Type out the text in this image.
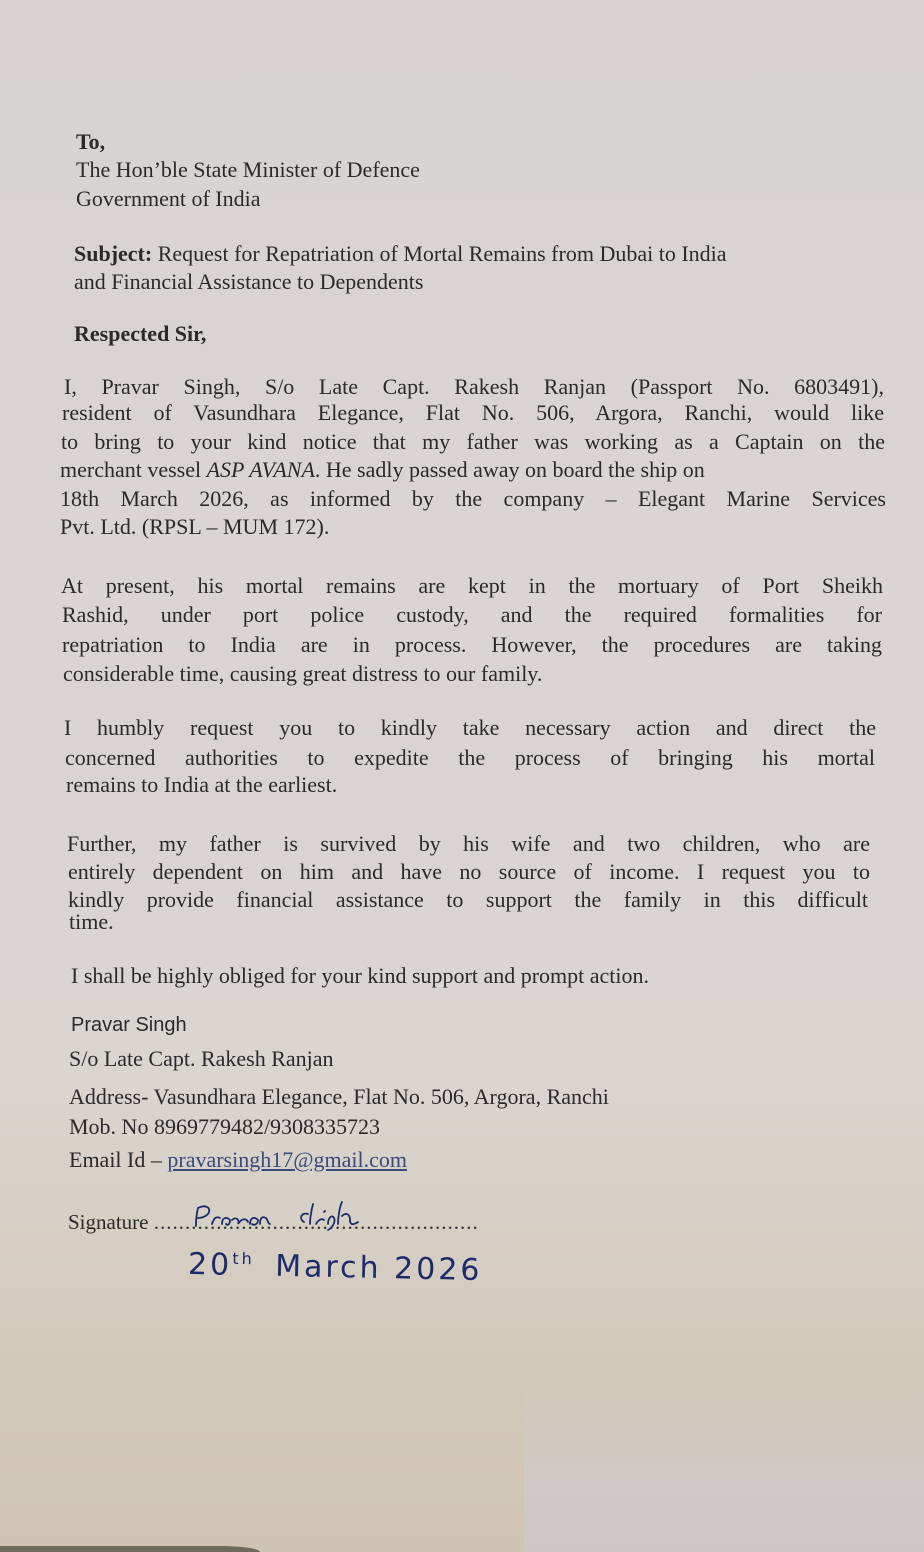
To,
The Hon’ble State Minister of Defence
Government of India
Subject: Request for Repatriation of Mortal Remains from Dubai to India
and Financial Assistance to Dependents
Respected Sir,
I, Pravar Singh, S/o Late Capt. Rakesh Ranjan (Passport No. 6803491),
resident of Vasundhara Elegance, Flat No. 506, Argora, Ranchi, would like
to bring to your kind notice that my father was working as a Captain on the
merchant vessel
ASP AVANA . He sadly passed away on board the ship on
18th March 2026, as informed by the company – Elegant Marine Services
Pvt. Ltd. (RPSL – MUM 172).
At present, his mortal remains are kept in the mortuary of Port Sheikh
Rashid, under port police custody, and the required formalities for
repatriation to India are in process. However, the procedures are taking
considerable time, causing great distress to our family.
I humbly request you to kindly take necessary action and direct the
concerned authorities to expedite the process of bringing his mortal
remains to India at the earliest.
Further, my father is survived by his wife and two children, who are
entirely dependent on him and have no source of income. I request you to
kindly provide financial assistance to support the family in this difficult
time.
I shall be highly obliged for your kind support and prompt action.
Pravar Singh
S/o Late Capt. Rakesh Ranjan
Address- Vasundhara Elegance, Flat No. 506, Argora, Ranchi
Mob. No 8969779482/9308335723
Email Id – pravarsingh17@gmail.com
Signature ....................................................
20th March 2026
